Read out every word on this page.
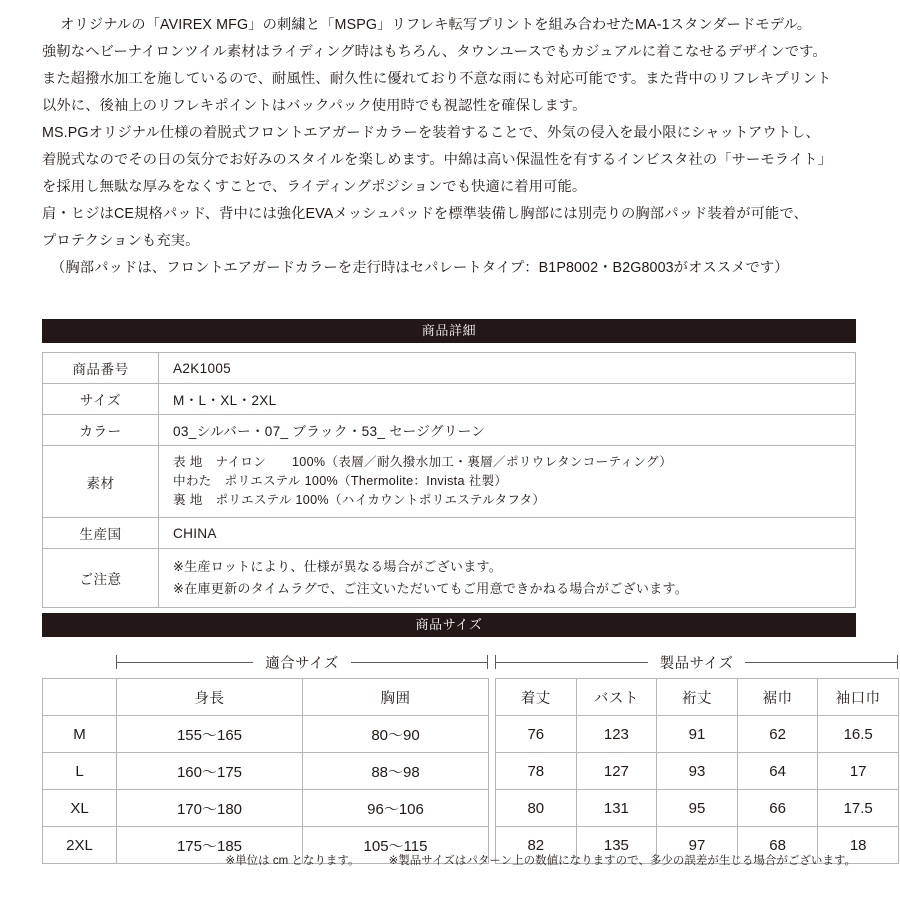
オリジナルの「AVIREX MFG」の刺繍と「MSPG」リフレキ転写プリントを組み合わせたMA-1スタンダードモデル。
強靭なヘビーナイロンツイル素材はライディング時はもちろん、タウンユースでもカジュアルに着こなせるデザインです。
また超撥水加工を施しているので、耐風性、耐久性に優れており不意な雨にも対応可能です。また背中のリフレキプリント
以外に、後袖上のリフレキポイントはバックパック使用時でも視認性を確保します。
MS.PGオリジナル仕様の着脱式フロントエアガードカラーを装着することで、外気の侵入を最小限にシャットアウトし、
着脱式なのでその日の気分でお好みのスタイルを楽しめます。中綿は高い保温性を有するインビスタ社の「サーモライト」
を採用し無駄な厚みをなくすことで、ライディングポジションでも快適に着用可能。
肩・ヒジはCE規格パッド、背中には強化EVAメッシュパッドを標準装備し胸部には別売りの胸部パッド装着が可能で、
プロテクションも充実。
（胸部パッドは、フロントエアガードカラーを走行時はセパレートタイプ：B1P8002・B2G8003がオススメです）
商品詳細
商品番号	A2K1005
サイズ	M・L・XL・2XL
カラー	03_シルバー・07_ ブラック・53_ セージグリーン
素材	表 地　ナイロン　　100%（表層／耐久撥水加工・裏層／ポリウレタンコーティング）
中わた　ポリエステル 100%（Thermolite：Invista 社製）
裏 地　ポリエステル 100%（ハイカウントポリエステルタフタ）

生産国	CHINA
ご注意	※生産ロットにより、仕様が異なる場合がございます。
※在庫更新のタイムラグで、ご注文いただいてもご用意できかねる場合がございます。
商品サイズ
適合サイズ	製品サイズ
	身長	胸囲
M	155〜165	80〜90
L	160〜175	88〜98
XL	170〜180	96〜106
2XL	175〜185	105〜115
着丈	バスト	裄丈	裾巾	袖口巾
76	123	91	62	16.5
78	127	93	64	17
80	131	95	66	17.5
82	135	97	68	18
※単位は cm となります。	※製品サイズはパターン上の数値になりますので、多少の誤差が生じる場合がございます。
